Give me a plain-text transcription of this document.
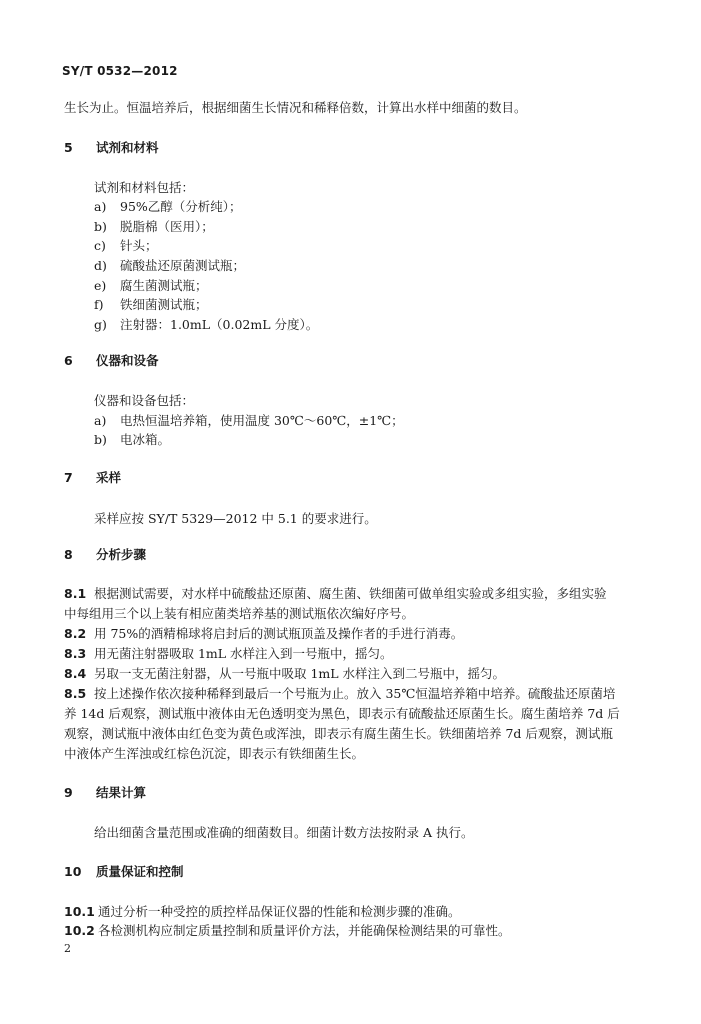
SY/T 0532—2012
生长为止。恒温培养后，根据细菌生长情况和稀释倍数，计算出水样中细菌的数目。
5 试剂和材料
试剂和材料包括：
a) 95%乙醇（分析纯）；
b) 脱脂棉（医用）；
c) 针头；
d) 硫酸盐还原菌测试瓶；
e) 腐生菌测试瓶；
f) 铁细菌测试瓶；
g) 注射器：1.0mL（0.02mL 分度）。
6 仪器和设备
仪器和设备包括：
a) 电热恒温培养箱，使用温度 30℃～60℃，±1℃；
b) 电冰箱。
7 采样
采样应按 SY/T 5329—2012 中 5.1 的要求进行。
8 分析步骤
8.1 根据测试需要，对水样中硫酸盐还原菌、腐生菌、铁细菌可做单组实验或多组实验，多组实验
中每组用三个以上装有相应菌类培养基的测试瓶依次编好序号。
8.2 用 75%的酒精棉球将启封后的测试瓶顶盖及操作者的手进行消毒。
8.3 用无菌注射器吸取 1mL 水样注入到一号瓶中，摇匀。
8.4 另取一支无菌注射器，从一号瓶中吸取 1mL 水样注入到二号瓶中，摇匀。
8.5 按上述操作依次接种稀释到最后一个号瓶为止。放入 35℃恒温培养箱中培养。硫酸盐还原菌培
养 14d 后观察，测试瓶中液体由无色透明变为黑色，即表示有硫酸盐还原菌生长。腐生菌培养 7d 后
观察，测试瓶中液体由红色变为黄色或浑浊，即表示有腐生菌生长。铁细菌培养 7d 后观察，测试瓶
中液体产生浑浊或红棕色沉淀，即表示有铁细菌生长。
9 结果计算
给出细菌含量范围或准确的细菌数目。细菌计数方法按附录 A 执行。
10 质量保证和控制
10.1 通过分析一种受控的质控样品保证仪器的性能和检测步骤的准确。
10.2 各检测机构应制定质量控制和质量评价方法，并能确保检测结果的可靠性。
2
